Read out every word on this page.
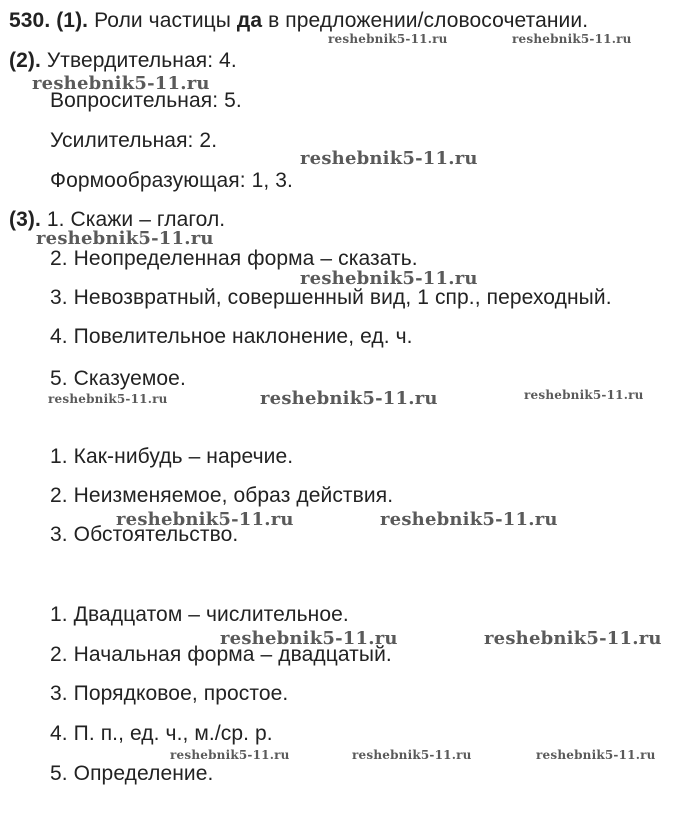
530. (1). Роли частицы да в предложении/словосочетании.
(2). Утвердительная: 4.
Вопросительная: 5.
Усилительная: 2.
Формообразующая: 1, 3.
(3). 1. Скажи – глагол.
2. Неопределенная форма – сказать.
3. Невозвратный, совершенный вид, 1 спр., переходный.
4. Повелительное наклонение, ед. ч.
5. Сказуемое.
1. Как-нибудь – наречие.
2. Неизменяемое, образ действия.
3. Обстоятельство.
1. Двадцатом – числительное.
2. Начальная форма – двадцатый.
3. Порядковое, простое.
4. П. п., ед. ч., м./ср. р.
5. Определение.
reshebnik5-11.ru	reshebnik5-11.ru
reshebnik5-11.ru
reshebnik5-11.ru
reshebnik5-11.ru
reshebnik5-11.ru
reshebnik5-11.ru	reshebnik5-11.ru	reshebnik5-11.ru
reshebnik5-11.ru	reshebnik5-11.ru
reshebnik5-11.ru	reshebnik5-11.ru
reshebnik5-11.ru	reshebnik5-11.ru	reshebnik5-11.ru
